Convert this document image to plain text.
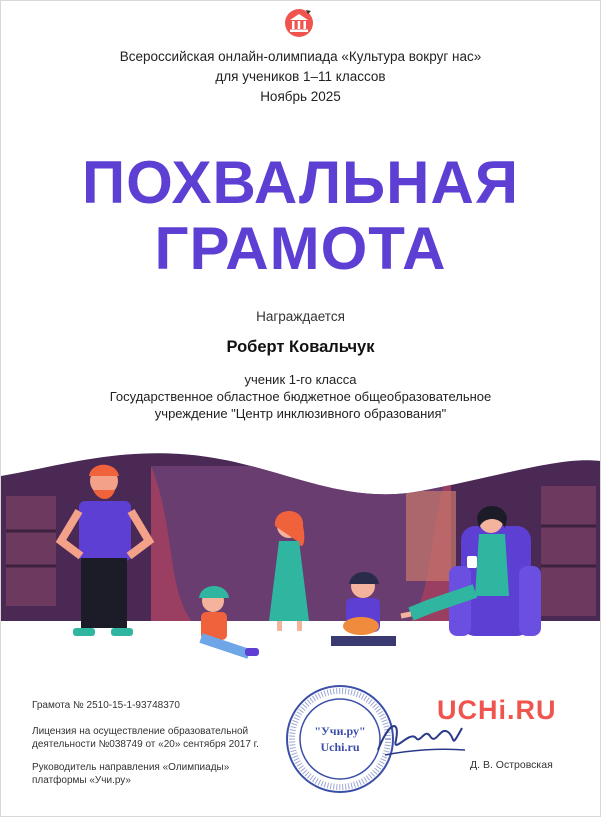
Всероссийская онлайн-олимпиада «Культура вокруг нас»
для учеников 1–11 классов
Ноябрь 2025
ПОХВАЛЬНАЯ
ГРАМОТА
Награждается
Роберт Ковальчук
ученик 1-го класса
Государственное областное бюджетное общеобразовательное
учреждение "Центр инклюзивного образования"
Грамота № 2510-15-1-93748370
Лицензия на осуществление образовательной
деятельности №038749 от «20» сентября 2017 г.
Руководитель направления «Олимпиады»
платформы «Учи.ру»
"Учи.ру"
Uchi.ru
UCHi.RU
Д. В. Островская
